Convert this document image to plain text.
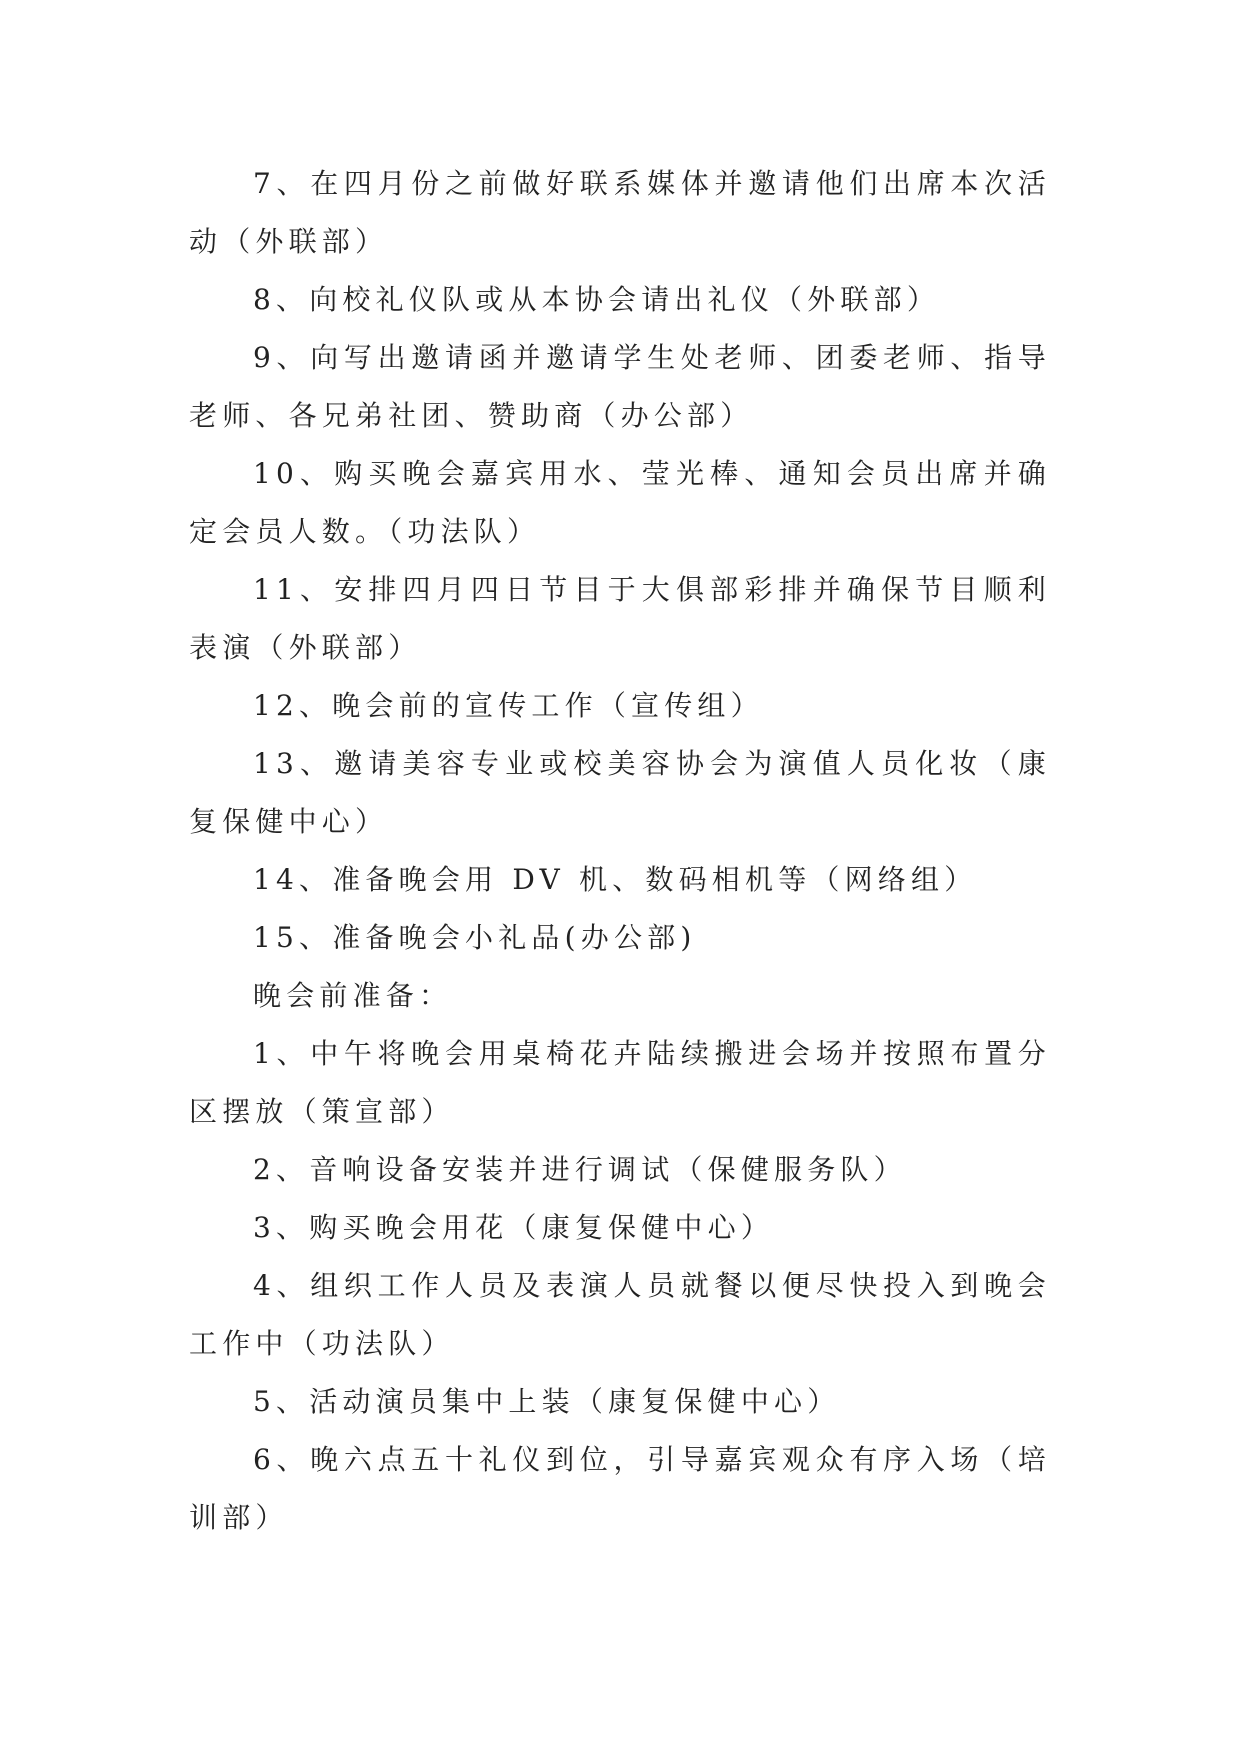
7、在四月份之前做好联系媒体并邀请他们出席本次活动（外联部）

8、向校礼仪队或从本协会请出礼仪（外联部）

9、向写出邀请函并邀请学生处老师、团委老师、指导老师、各兄弟社团、赞助商（办公部）

10、购买晚会嘉宾用水、莹光棒、通知会员出席并确定会员人数。（功法队）

11、安排四月四日节目于大俱部彩排并确保节目顺利表演（外联部）

12、晚会前的宣传工作（宣传组）

13、邀请美容专业或校美容协会为演值人员化妆（康复保健中心）

14、准备晚会用 DV 机、数码相机等（网络组）

15、准备晚会小礼品(办公部)

晚会前准备：

1、中午将晚会用桌椅花卉陆续搬进会场并按照布置分区摆放（策宣部）

2、音响设备安装并进行调试（保健服务队）

3、购买晚会用花（康复保健中心）

4、组织工作人员及表演人员就餐以便尽快投入到晚会工作中（功法队）

5、活动演员集中上装（康复保健中心）

6、晚六点五十礼仪到位，引导嘉宾观众有序入场（培训部）
